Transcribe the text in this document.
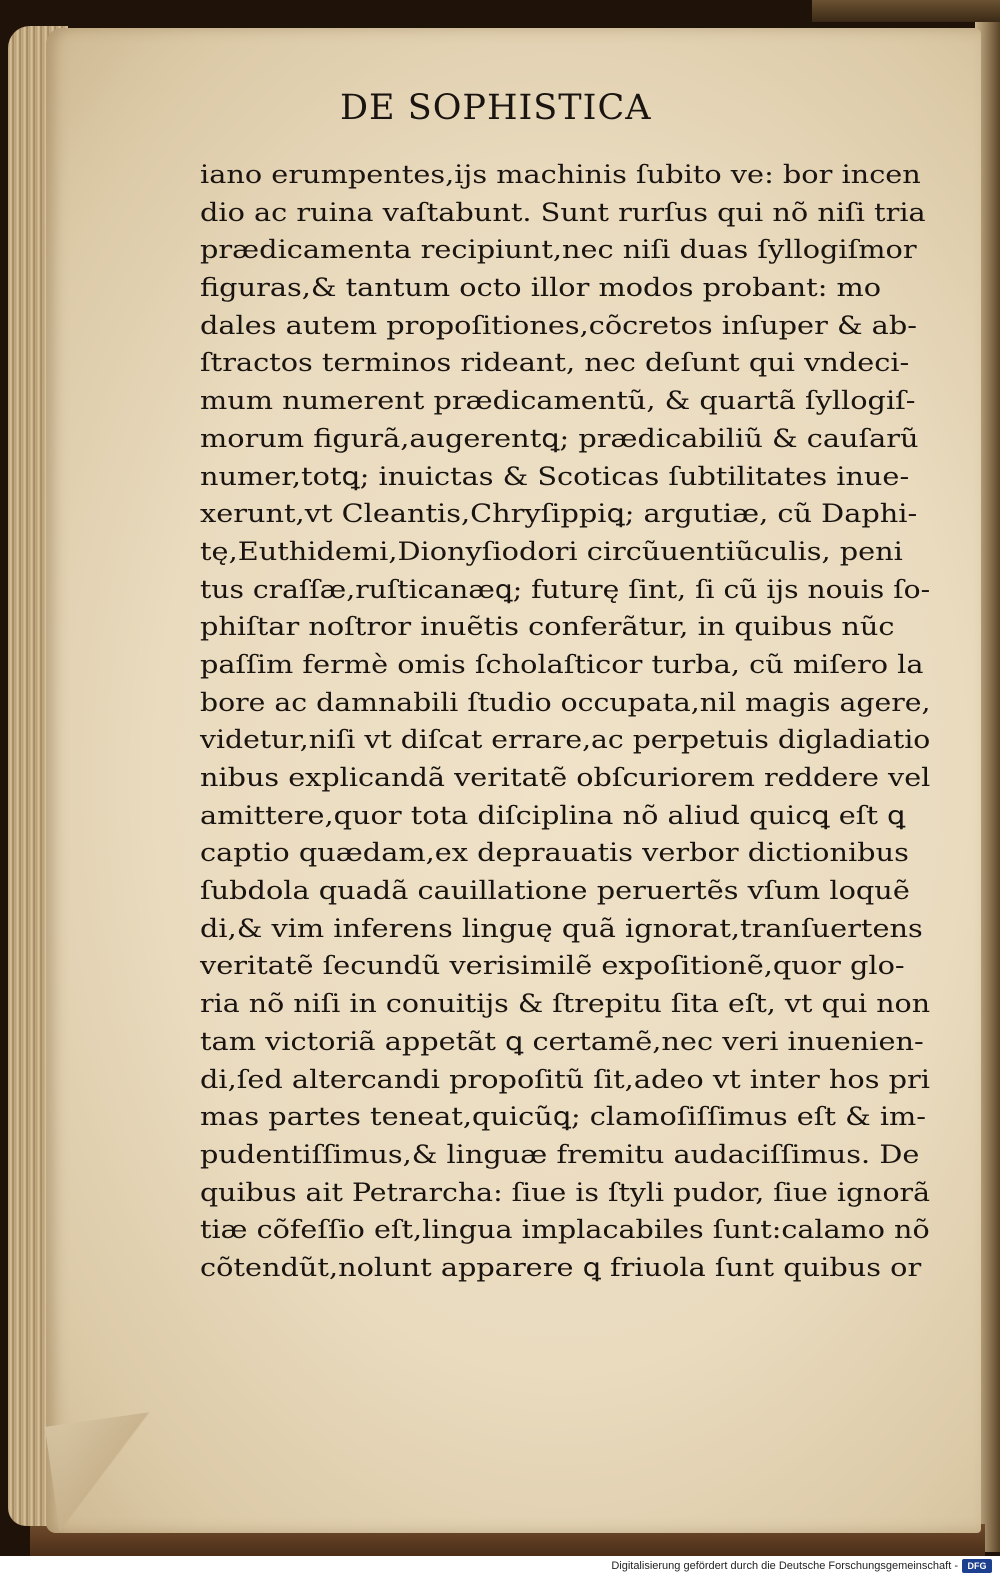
DE SOPHISTICA
iano erumpentes,ijs machinis ſubito ve: bor incen
dio ac ruina vaſtabunt. Sunt rurſus qui nõ niſi tria
prædicamenta recipiunt,nec niſi duas ſyllogiſmor
figuras,& tantum octo illor modos probant: mo
dales autem propoſitiones,cõcretos inſuper & ab-
ſtractos terminos rideant, nec deſunt qui vndeci-
mum numerent prædicamentũ, & quartã ſyllogiſ-
morum figurã,augerentꝗ; prædicabiliũ & cauſarũ
numer,totꝗ; inuictas & Scoticas ſubtilitates inue-
xerunt,vt Cleantis,Chryſippiꝗ; argutiæ, cũ Daphi-
tę,Euthidemi,Dionyſiodori circũuentiũculis, peni
tus craſſæ,ruſticanæꝗ; futurę ſint, ſi cũ ijs nouis ſo-
phiſtar noſtror inuẽtis conferãtur, in quibus nũc
paſſim fermè omis ſcholaſticor turba, cũ miſero la
bore ac damnabili ſtudio occupata,nil magis agere,
videtur,niſi vt diſcat errare,ac perpetuis digladiatio
nibus explicandã veritatẽ obſcuriorem reddere vel
amittere,quor tota diſciplina nõ aliud quicꝗ eſt ꝗ
captio quædam,ex deprauatis verbor dictionibus
ſubdola quadã cauillatione peruertẽs vſum loquẽ
di,& vim inferens linguę quã ignorat,tranſuertens
veritatẽ ſecundũ verisimilẽ expoſitionẽ,quor glo-
ria nõ niſi in conuitijs & ſtrepitu ſita eſt, vt qui non
tam victoriã appetãt ꝗ certamẽ,nec veri inuenien-
di,ſed altercandi propoſitũ ſit,adeo vt inter hos pri
mas partes teneat,quicũꝗ; clamoſiſſimus eſt & im-
pudentiſſimus,& linguæ fremitu audaciſſimus. De
quibus ait Petrarcha: ſiue is ſtyli pudor, ſiue ignorã
tiæ cõfeſſio eſt,lingua implacabiles ſunt:calamo nõ
cõtendũt,nolunt apparere ꝗ friuola ſunt quibus or
Digitalisierung gefördert durch die Deutsche Forschungsgemeinschaft -	DFG
